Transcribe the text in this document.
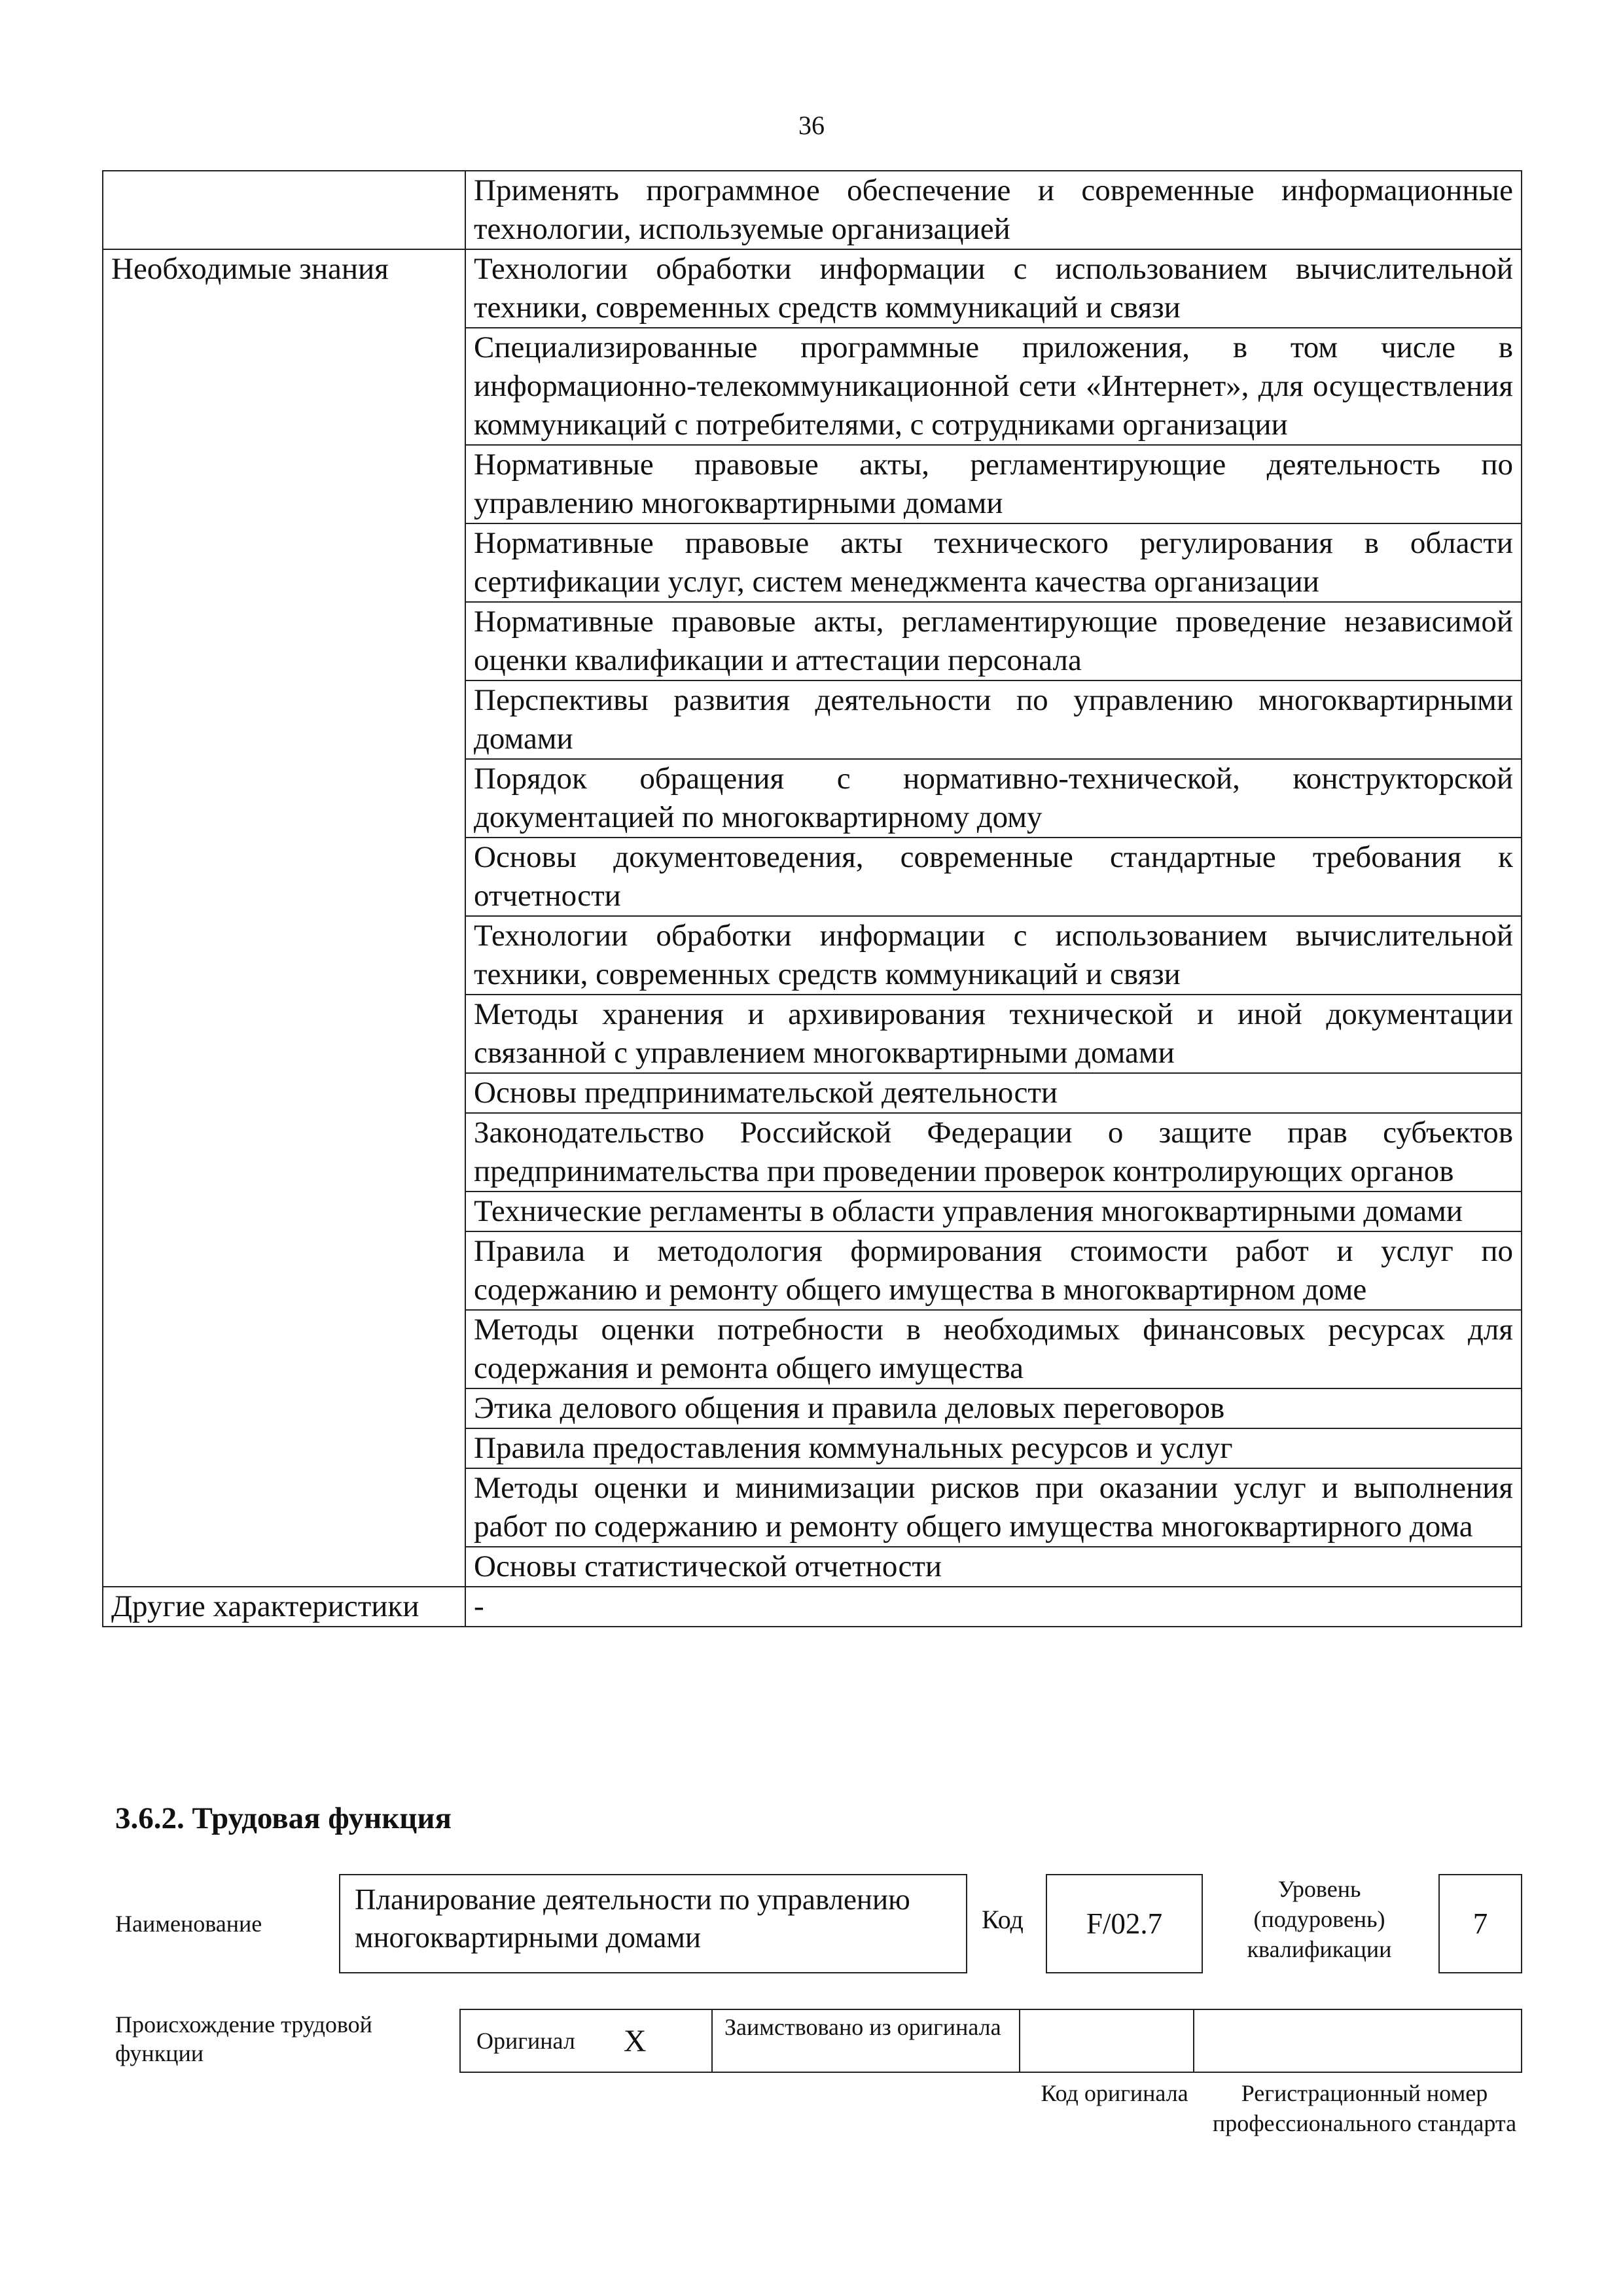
36
	Применять программное обеспечение и современные информационные технологии, используемые организацией
Необходимые знания	Технологии обработки информации с использованием вычислительной техники, современных средств коммуникаций и связи
	Специализированные программные приложения, в том числе в информационно-телекоммуникационной сети «Интернет», для осуществления коммуникаций с потребителями, с сотрудниками организации
	Нормативные правовые акты, регламентирующие деятельность по управлению многоквартирными домами
	Нормативные правовые акты технического регулирования в области сертификации услуг, систем менеджмента качества организации
	Нормативные правовые акты, регламентирующие проведение независимой оценки квалификации и аттестации персонала
	Перспективы развития деятельности по управлению многоквартирными домами
	Порядок обращения с нормативно-технической, конструкторской документацией по многоквартирному дому
	Основы документоведения, современные стандартные требования к отчетности
	Технологии обработки информации с использованием вычислительной техники, современных средств коммуникаций и связи
	Методы хранения и архивирования технической и иной документации связанной с управлением многоквартирными домами
	Основы предпринимательской деятельности
	Законодательство Российской Федерации о защите прав субъектов предпринимательства при проведении проверок контролирующих органов
	Технические регламенты в области управления многоквартирными домами
	Правила и методология формирования стоимости работ и услуг по содержанию и ремонту общего имущества в многоквартирном доме
	Методы оценки потребности в необходимых финансовых ресурсах для содержания и ремонта общего имущества
	Этика делового общения и правила деловых переговоров
	Правила предоставления коммунальных ресурсов и услуг
	Методы оценки и минимизации рисков при оказании услуг и выполнения работ по содержанию и ремонту общего имущества многоквартирного дома
	Основы статистической отчетности
Другие характеристики	-
3.6.2. Трудовая функция
Наименование
Планирование деятельности по управлению многоквартирными домами
Код	F/02.7
Уровень (подуровень) квалификации
7
Происхождение трудовой функции	Оригинал X	Заимствовано из оригинала
Код оригинала	Регистрационный номер профессионального стандарта
